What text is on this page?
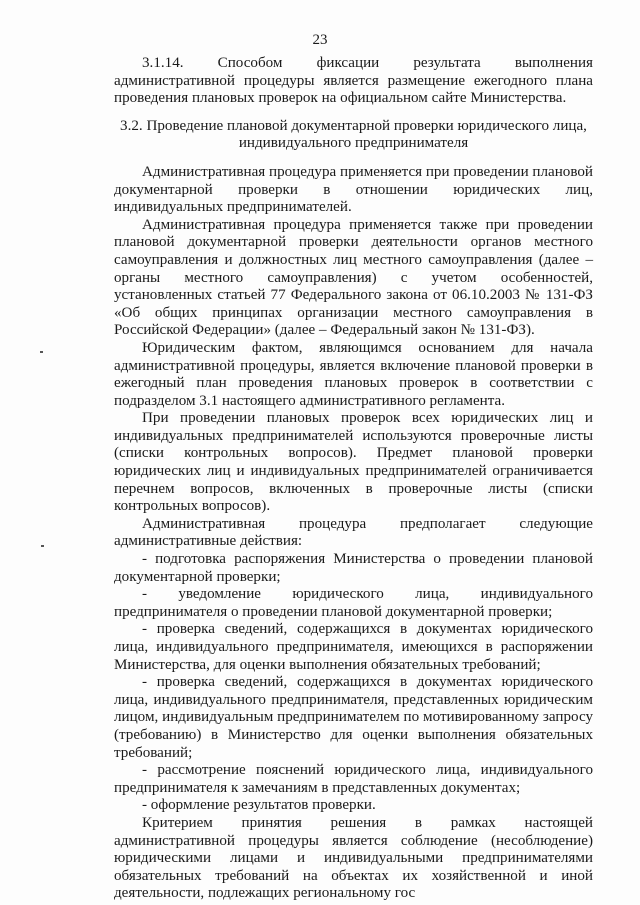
23

3.1.14. Способом фиксации результата выполнения административной процедуры является размещение ежегодного плана проведения плановых проверок на официальном сайте Министерства.

3.2. Проведение плановой документарной проверки юридического лица,
индивидуального предпринимателя

Административная процедура применяется при проведении плановой документарной проверки в отношении юридических лиц, индивидуальных предпринимателей.

Административная процедура применяется также при проведении плановой документарной проверки деятельности органов местного самоуправления и должностных лиц местного самоуправления (далее – органы местного самоуправления) с учетом особенностей, установленных статьей 77 Федерального закона от 06.10.2003 № 131-ФЗ «Об общих принципах организации местного самоуправления в Российской Федерации» (далее – Федеральный закон № 131-ФЗ).

Юридическим фактом, являющимся основанием для начала административной процедуры, является включение плановой проверки в ежегодный план проведения плановых проверок в соответствии с подразделом 3.1 настоящего административного регламента.

При проведении плановых проверок всех юридических лиц и индивидуальных предпринимателей используются проверочные листы (списки контрольных вопросов). Предмет плановой проверки юридических лиц и индивидуальных предпринимателей ограничивается перечнем вопросов, включенных в проверочные листы (списки контрольных вопросов).

Административная процедура предполагает следующие административные действия:

- подготовка распоряжения Министерства о проведении плановой документарной проверки;

- уведомление юридического лица, индивидуального предпринимателя о проведении плановой документарной проверки;

- проверка сведений, содержащихся в документах юридического лица, индивидуального предпринимателя, имеющихся в распоряжении Министерства, для оценки выполнения обязательных требований;

- проверка сведений, содержащихся в документах юридического лица, индивидуального предпринимателя, представленных юридическим лицом, индивидуальным предпринимателем по мотивированному запросу (требованию) в Министерство для оценки выполнения обязательных требований;

- рассмотрение пояснений юридического лица, индивидуального предпринимателя к замечаниям в представленных документах;

- оформление результатов проверки.

Критерием принятия решения в рамках настоящей административной процедуры является соблюдение (несоблюдение) юридическими лицами и индивидуальными предпринимателями обязательных требований на объектах их хозяйственной и иной деятельности, подлежащих региональному гос
